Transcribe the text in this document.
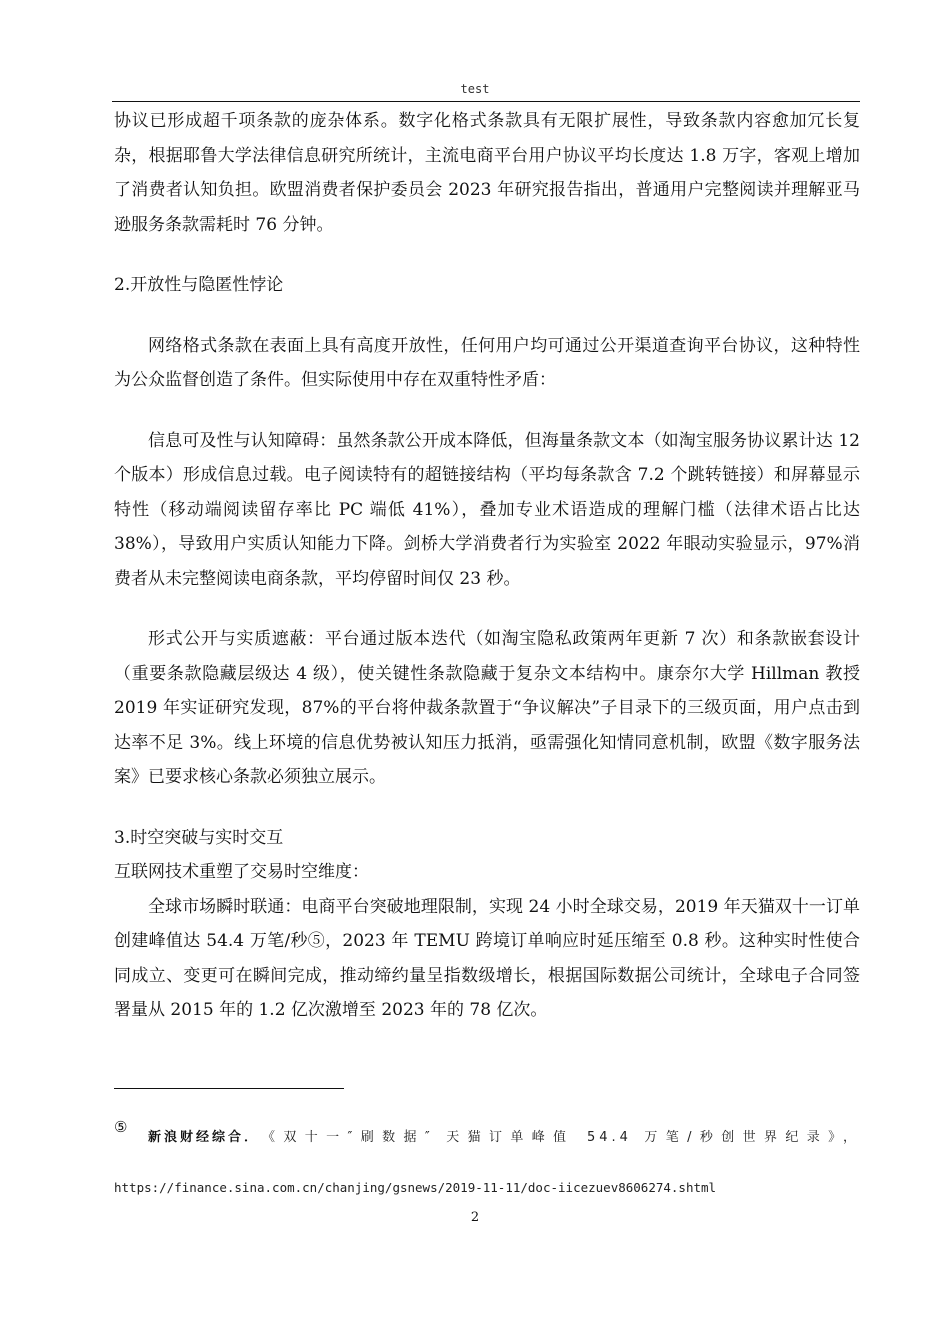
test

协议已形成超千项条款的庞杂体系。数字化格式条款具有无限扩展性，导致条款内容愈加冗长复杂，根据耶鲁大学法律信息研究所统计，主流电商平台用户协议平均长度达 1.8 万字，客观上增加了消费者认知负担。欧盟消费者保护委员会 2023 年研究报告指出，普通用户完整阅读并理解亚马逊服务条款需耗时 76 分钟。

2.开放性与隐匿性悖论

网络格式条款在表面上具有高度开放性，任何用户均可通过公开渠道查询平台协议，这种特性为公众监督创造了条件。但实际使用中存在双重特性矛盾：

信息可及性与认知障碍：虽然条款公开成本降低，但海量条款文本（如淘宝服务协议累计达 12 个版本）形成信息过载。电子阅读特有的超链接结构（平均每条款含 7.2 个跳转链接）和屏幕显示特性（移动端阅读留存率比 PC 端低 41%），叠加专业术语造成的理解门槛（法律术语占比达 38%），导致用户实质认知能力下降。剑桥大学消费者行为实验室 2022 年眼动实验显示，97%消费者从未完整阅读电商条款，平均停留时间仅 23 秒。

形式公开与实质遮蔽：平台通过版本迭代（如淘宝隐私政策两年更新 7 次）和条款嵌套设计（重要条款隐藏层级达 4 级），使关键性条款隐藏于复杂文本结构中。康奈尔大学 Hillman 教授 2019 年实证研究发现，87%的平台将仲裁条款置于“争议解决”子目录下的三级页面，用户点击到达率不足 3%。线上环境的信息优势被认知压力抵消，亟需强化知情同意机制，欧盟《数字服务法案》已要求核心条款必须独立展示。

3.时空突破与实时交互

互联网技术重塑了交易时空维度：

全球市场瞬时联通：电商平台突破地理限制，实现 24 小时全球交易，2019 年天猫双十一订单创建峰值达 54.4 万笔/秒⑤，2023 年 TEMU 跨境订单响应时延压缩至 0.8 秒。这种实时性使合同成立、变更可在瞬间完成，推动缔约量呈指数级增长，根据国际数据公司统计，全球电子合同签署量从 2015 年的 1.2 亿次激增至 2023 年的 78 亿次。

⑤
新浪财经综合． 《双十一″刷数据″ 天猫订单峰值 54.4 万笔/秒创世界纪录》，
https://finance.sina.com.cn/chanjing/gsnews/2019-11-11/doc-iicezuev8606274.shtml
2
